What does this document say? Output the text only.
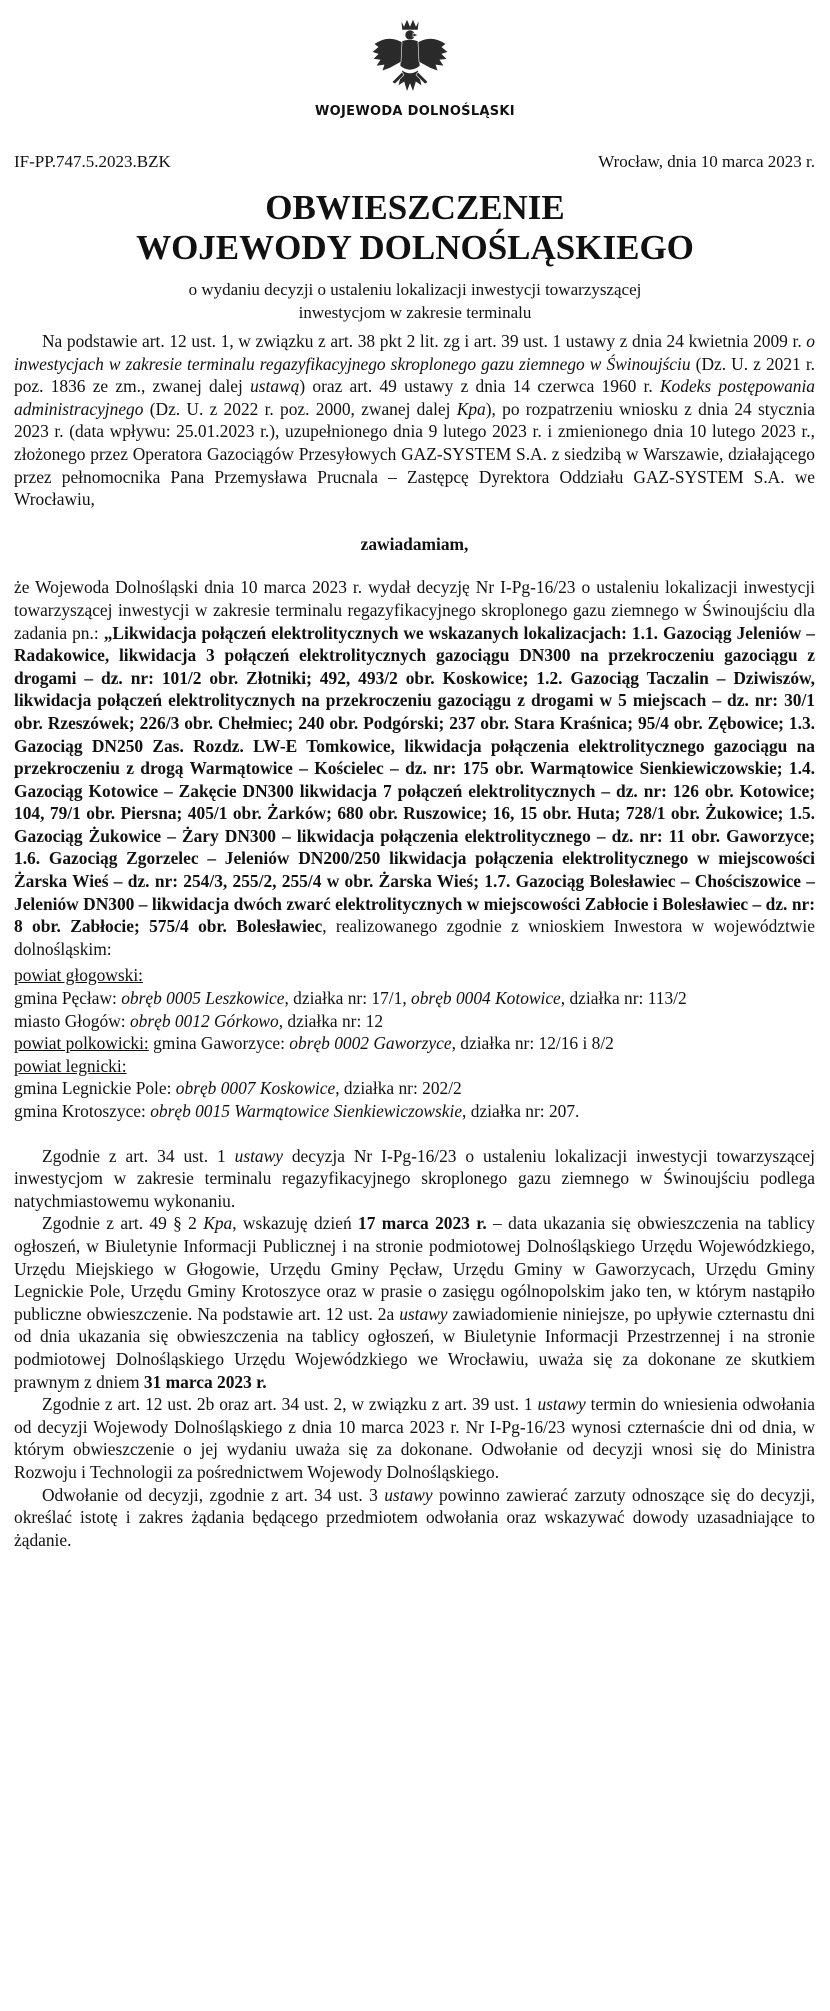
WOJEWODA DOLNOŚLĄSKI
IF-PP.747.5.2023.BZK	Wrocław, dnia 10 marca 2023 r.
OBWIESZCZENIE
WOJEWODY DOLNOŚLĄSKIEGO
o wydaniu decyzji o ustaleniu lokalizacji inwestycji towarzyszącej inwestycjom w zakresie terminalu

Na podstawie art. 12 ust. 1, w związku z art. 38 pkt 2 lit. zg i art. 39 ust. 1 ustawy z dnia 24 kwietnia 2009 r. o inwestycjach w zakresie terminalu regazyfikacyjnego skroplonego gazu ziemnego w Świnoujściu (Dz. U. z 2021 r. poz. 1836 ze zm., zwanej dalej ustawą) oraz art. 49 ustawy z dnia 14 czerwca 1960 r. Kodeks postępowania administracyjnego (Dz. U. z 2022 r. poz. 2000, zwanej dalej Kpa), po rozpatrzeniu wniosku z dnia 24 stycznia 2023 r. (data wpływu: 25.01.2023 r.), uzupełnionego dnia 9 lutego 2023 r. i zmienionego dnia 10 lutego 2023 r., złożonego przez Operatora Gazociągów Przesyłowych GAZ-SYSTEM S.A. z siedzibą w Warszawie, działającego przez pełnomocnika Pana Przemysława Prucnala – Zastępcę Dyrektora Oddziału GAZ-SYSTEM S.A. we Wrocławiu,

zawiadamiam,

że Wojewoda Dolnośląski dnia 10 marca 2023 r. wydał decyzję Nr I-Pg-16/23 o ustaleniu lokalizacji inwestycji towarzyszącej inwestycji w zakresie terminalu regazyfikacyjnego skroplonego gazu ziemnego w Świnoujściu dla zadania pn.: „Likwidacja połączeń elektrolitycznych we wskazanych lokalizacjach: 1.1. Gazociąg Jeleniów – Radakowice, likwidacja 3 połączeń elektrolitycznych gazociągu DN300 na przekroczeniu gazociągu z drogami – dz. nr: 101/2 obr. Złotniki; 492, 493/2 obr. Koskowice; 1.2. Gazociąg Taczalin – Dziwiszów, likwidacja połączeń elektrolitycznych na przekroczeniu gazociągu z drogami w 5 miejscach – dz. nr: 30/1 obr. Rzeszówek; 226/3 obr. Chełmiec; 240 obr. Podgórski; 237 obr. Stara Kraśnica; 95/4 obr. Zębowice; 1.3. Gazociąg DN250 Zas. Rozdz. LW-E Tomkowice, likwidacja połączenia elektrolitycznego gazociągu na przekroczeniu z drogą Warmątowice – Kościelec – dz. nr: 175 obr. Warmątowice Sienkiewiczowskie; 1.4. Gazociąg Kotowice – Zakęcie DN300 likwidacja 7 połączeń elektrolitycznych – dz. nr: 126 obr. Kotowice; 104, 79/1 obr. Piersna; 405/1 obr. Żarków; 680 obr. Ruszowice; 16, 15 obr. Huta; 728/1 obr. Żukowice; 1.5. Gazociąg Żukowice – Żary DN300 – likwidacja połączenia elektrolitycznego – dz. nr: 11 obr. Gaworzyce; 1.6. Gazociąg Zgorzelec – Jeleniów DN200/250 likwidacja połączenia elektrolitycznego w miejscowości Żarska Wieś – dz. nr: 254/3, 255/2, 255/4 w obr. Żarska Wieś; 1.7. Gazociąg Bolesławiec – Chościszowice – Jeleniów DN300 – likwidacja dwóch zwarć elektrolitycznych w miejscowości Zabłocie i Bolesławiec – dz. nr: 8 obr. Zabłocie; 575/4 obr. Bolesławiec, realizowanego zgodnie z wnioskiem Inwestora w województwie dolnośląskim:

powiat głogowski:

gmina Pęcław: obręb 0005 Leszkowice, działka nr: 17/1, obręb 0004 Kotowice, działka nr: 113/2

miasto Głogów: obręb 0012 Górkowo, działka nr: 12

powiat polkowicki: gmina Gaworzyce: obręb 0002 Gaworzyce, działka nr: 12/16 i 8/2

powiat legnicki:

gmina Legnickie Pole: obręb 0007 Koskowice, działka nr: 202/2

gmina Krotoszyce: obręb 0015 Warmątowice Sienkiewiczowskie, działka nr: 207.

Zgodnie z art. 34 ust. 1 ustawy decyzja Nr I-Pg-16/23 o ustaleniu lokalizacji inwestycji towarzyszącej inwestycjom w zakresie terminalu regazyfikacyjnego skroplonego gazu ziemnego w Świnoujściu podlega natychmiastowemu wykonaniu.

Zgodnie z art. 49 § 2 Kpa, wskazuję dzień 17 marca 2023 r. – data ukazania się obwieszczenia na tablicy ogłoszeń, w Biuletynie Informacji Publicznej i na stronie podmiotowej Dolnośląskiego Urzędu Wojewódzkiego, Urzędu Miejskiego w Głogowie, Urzędu Gminy Pęcław, Urzędu Gminy w Gaworzycach, Urzędu Gminy Legnickie Pole, Urzędu Gminy Krotoszyce oraz w prasie o zasięgu ogólnopolskim jako ten, w którym nastąpiło publiczne obwieszczenie. Na podstawie art. 12 ust. 2a ustawy zawiadomienie niniejsze, po upływie czternastu dni od dnia ukazania się obwieszczenia na tablicy ogłoszeń, w Biuletynie Informacji Przestrzennej i na stronie podmiotowej Dolnośląskiego Urzędu Wojewódzkiego we Wrocławiu, uważa się za dokonane ze skutkiem prawnym z dniem 31 marca 2023 r.

Zgodnie z art. 12 ust. 2b oraz art. 34 ust. 2, w związku z art. 39 ust. 1 ustawy termin do wniesienia odwołania od decyzji Wojewody Dolnośląskiego z dnia 10 marca 2023 r. Nr I-Pg-16/23 wynosi czternaście dni od dnia, w którym obwieszczenie o jej wydaniu uważa się za dokonane. Odwołanie od decyzji wnosi się do Ministra Rozwoju i Technologii za pośrednictwem Wojewody Dolnośląskiego.

Odwołanie od decyzji, zgodnie z art. 34 ust. 3 ustawy powinno zawierać zarzuty odnoszące się do decyzji, określać istotę i zakres żądania będącego przedmiotem odwołania oraz wskazywać dowody uzasadniające to żądanie.
